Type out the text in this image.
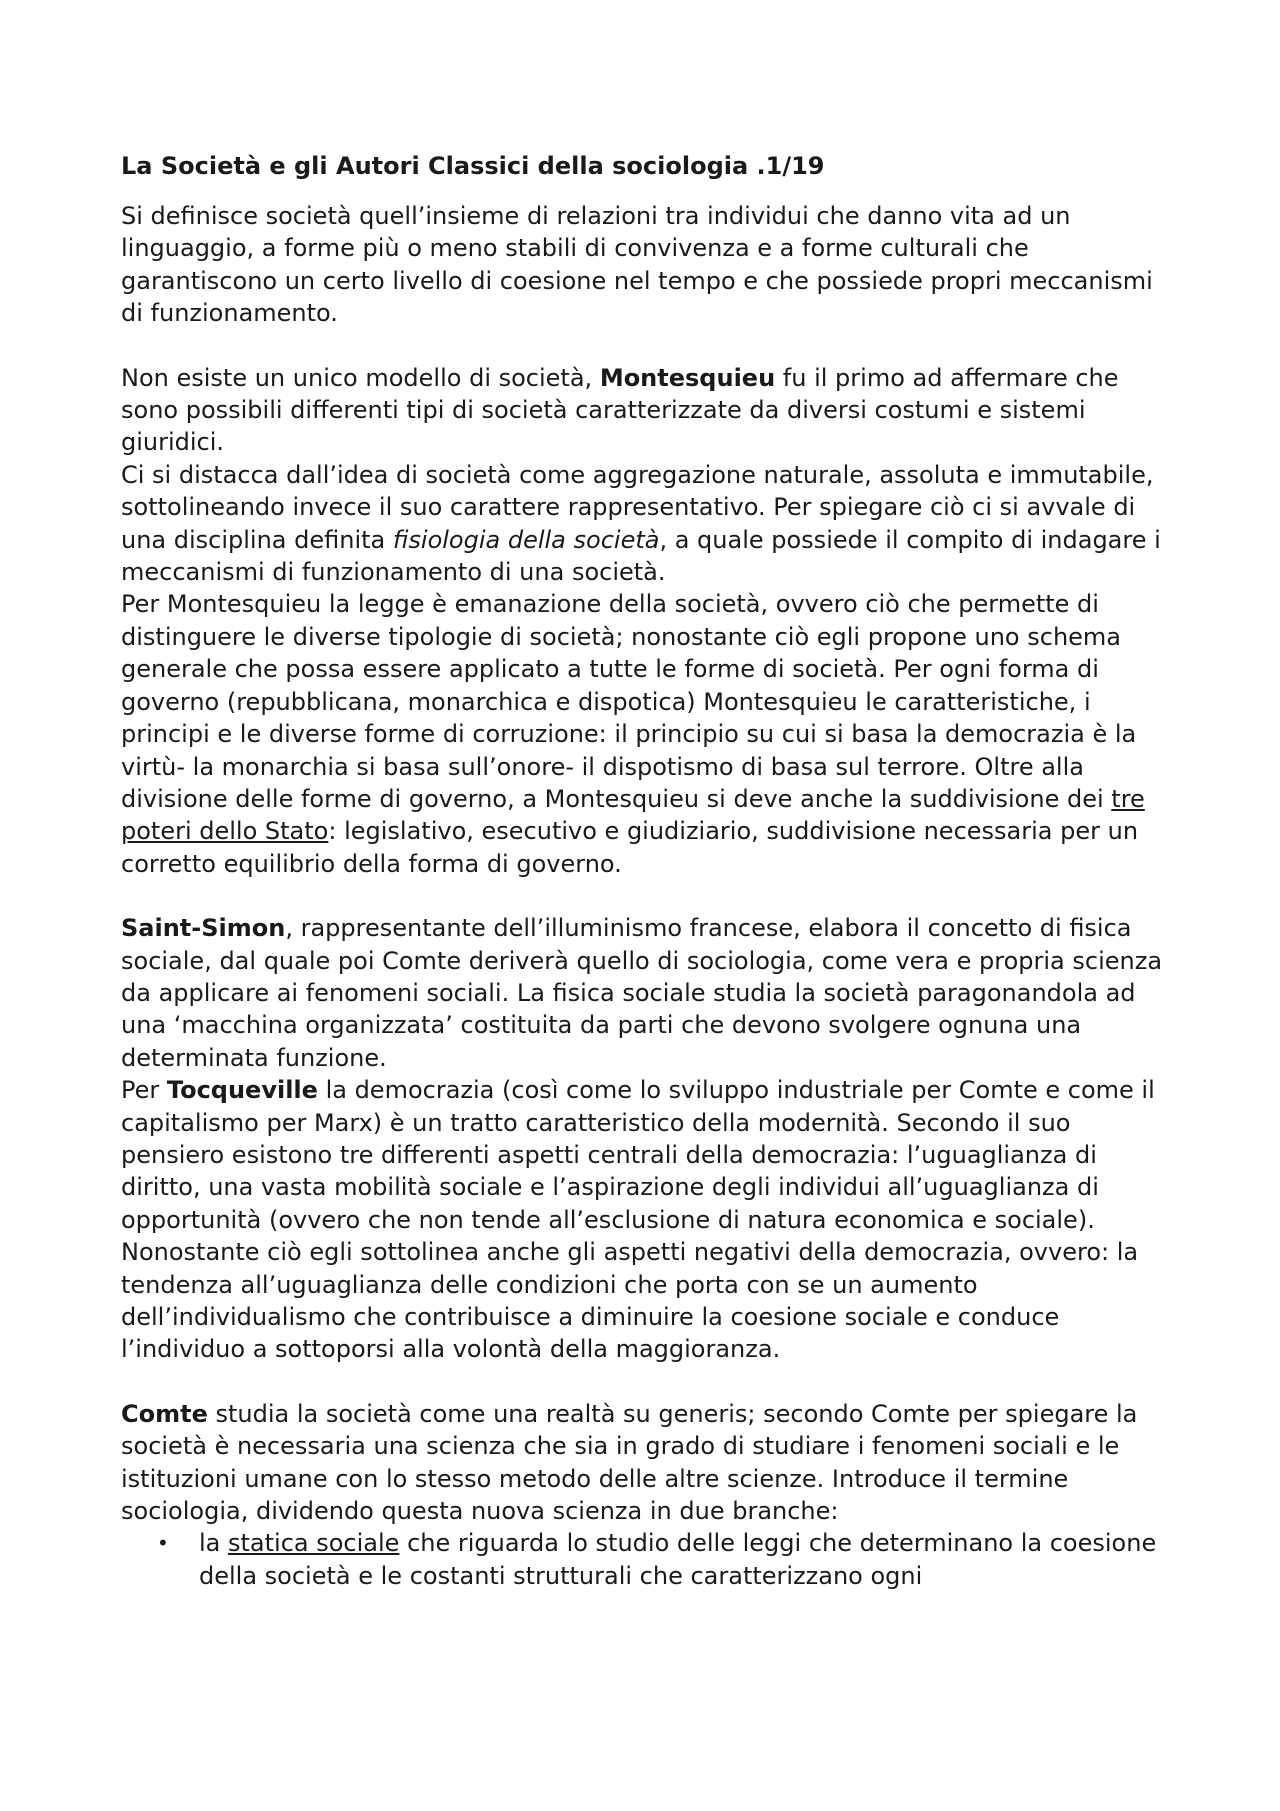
La Società e gli Autori Classici della sociologia .1/19

Si definisce società quell’insieme di relazioni tra individui che danno vita ad un linguaggio, a forme più o meno stabili di convivenza e a forme culturali che garantiscono un certo livello di coesione nel tempo e che possiede propri meccanismi di funzionamento.

Non esiste un unico modello di società, Montesquieu fu il primo ad affermare che sono possibili differenti tipi di società caratterizzate da diversi costumi e sistemi giuridici.

Ci si distacca dall’idea di società come aggregazione naturale, assoluta e immutabile, sottolineando invece il suo carattere rappresentativo. Per spiegare ciò ci si avvale di una disciplina definita fisiologia della società, a quale possiede il compito di indagare i meccanismi di funzionamento di una società.

Per Montesquieu la legge è emanazione della società, ovvero ciò che permette di distinguere le diverse tipologie di società; nonostante ciò egli propone uno schema generale che possa essere applicato a tutte le forme di società. Per ogni forma di governo (repubblicana, monarchica e dispotica) Montesquieu le caratteristiche, i principi e le diverse forme di corruzione: il principio su cui si basa la democrazia è la virtù- la monarchia si basa sull’onore- il dispotismo di basa sul terrore. Oltre alla divisione delle forme di governo, a Montesquieu si deve anche la suddivisione dei tre poteri dello Stato: legislativo, esecutivo e giudiziario, suddivisione necessaria per un corretto equilibrio della forma di governo.

Saint-Simon, rappresentante dell’illuminismo francese, elabora il concetto di fisica sociale, dal quale poi Comte deriverà quello di sociologia, come vera e propria scienza da applicare ai fenomeni sociali. La fisica sociale studia la società paragonandola ad una ‘macchina organizzata’ costituita da parti che devono svolgere ognuna una determinata funzione.

Per Tocqueville la democrazia (così come lo sviluppo industriale per Comte e come il capitalismo per Marx) è un tratto caratteristico della modernità. Secondo il suo pensiero esistono tre differenti aspetti centrali della democrazia: l’uguaglianza di diritto, una vasta mobilità sociale e l’aspirazione degli individui all’uguaglianza di opportunità (ovvero che non tende all’esclusione di natura economica e sociale). Nonostante ciò egli sottolinea anche gli aspetti negativi della democrazia, ovvero: la tendenza all’uguaglianza delle condizioni che porta con se un aumento dell’individualismo che contribuisce a diminuire la coesione sociale e conduce l’individuo a sottoporsi alla volontà della maggioranza.

Comte studia la società come una realtà su generis; secondo Comte per spiegare la società è necessaria una scienza che sia in grado di studiare i fenomeni sociali e le istituzioni umane con lo stesso metodo delle altre scienze. Introduce il termine sociologia, dividendo questa nuova scienza in due branche:

• la statica sociale che riguarda lo studio delle leggi che determinano la coesione della società e le costanti strutturali che caratterizzano ogni
